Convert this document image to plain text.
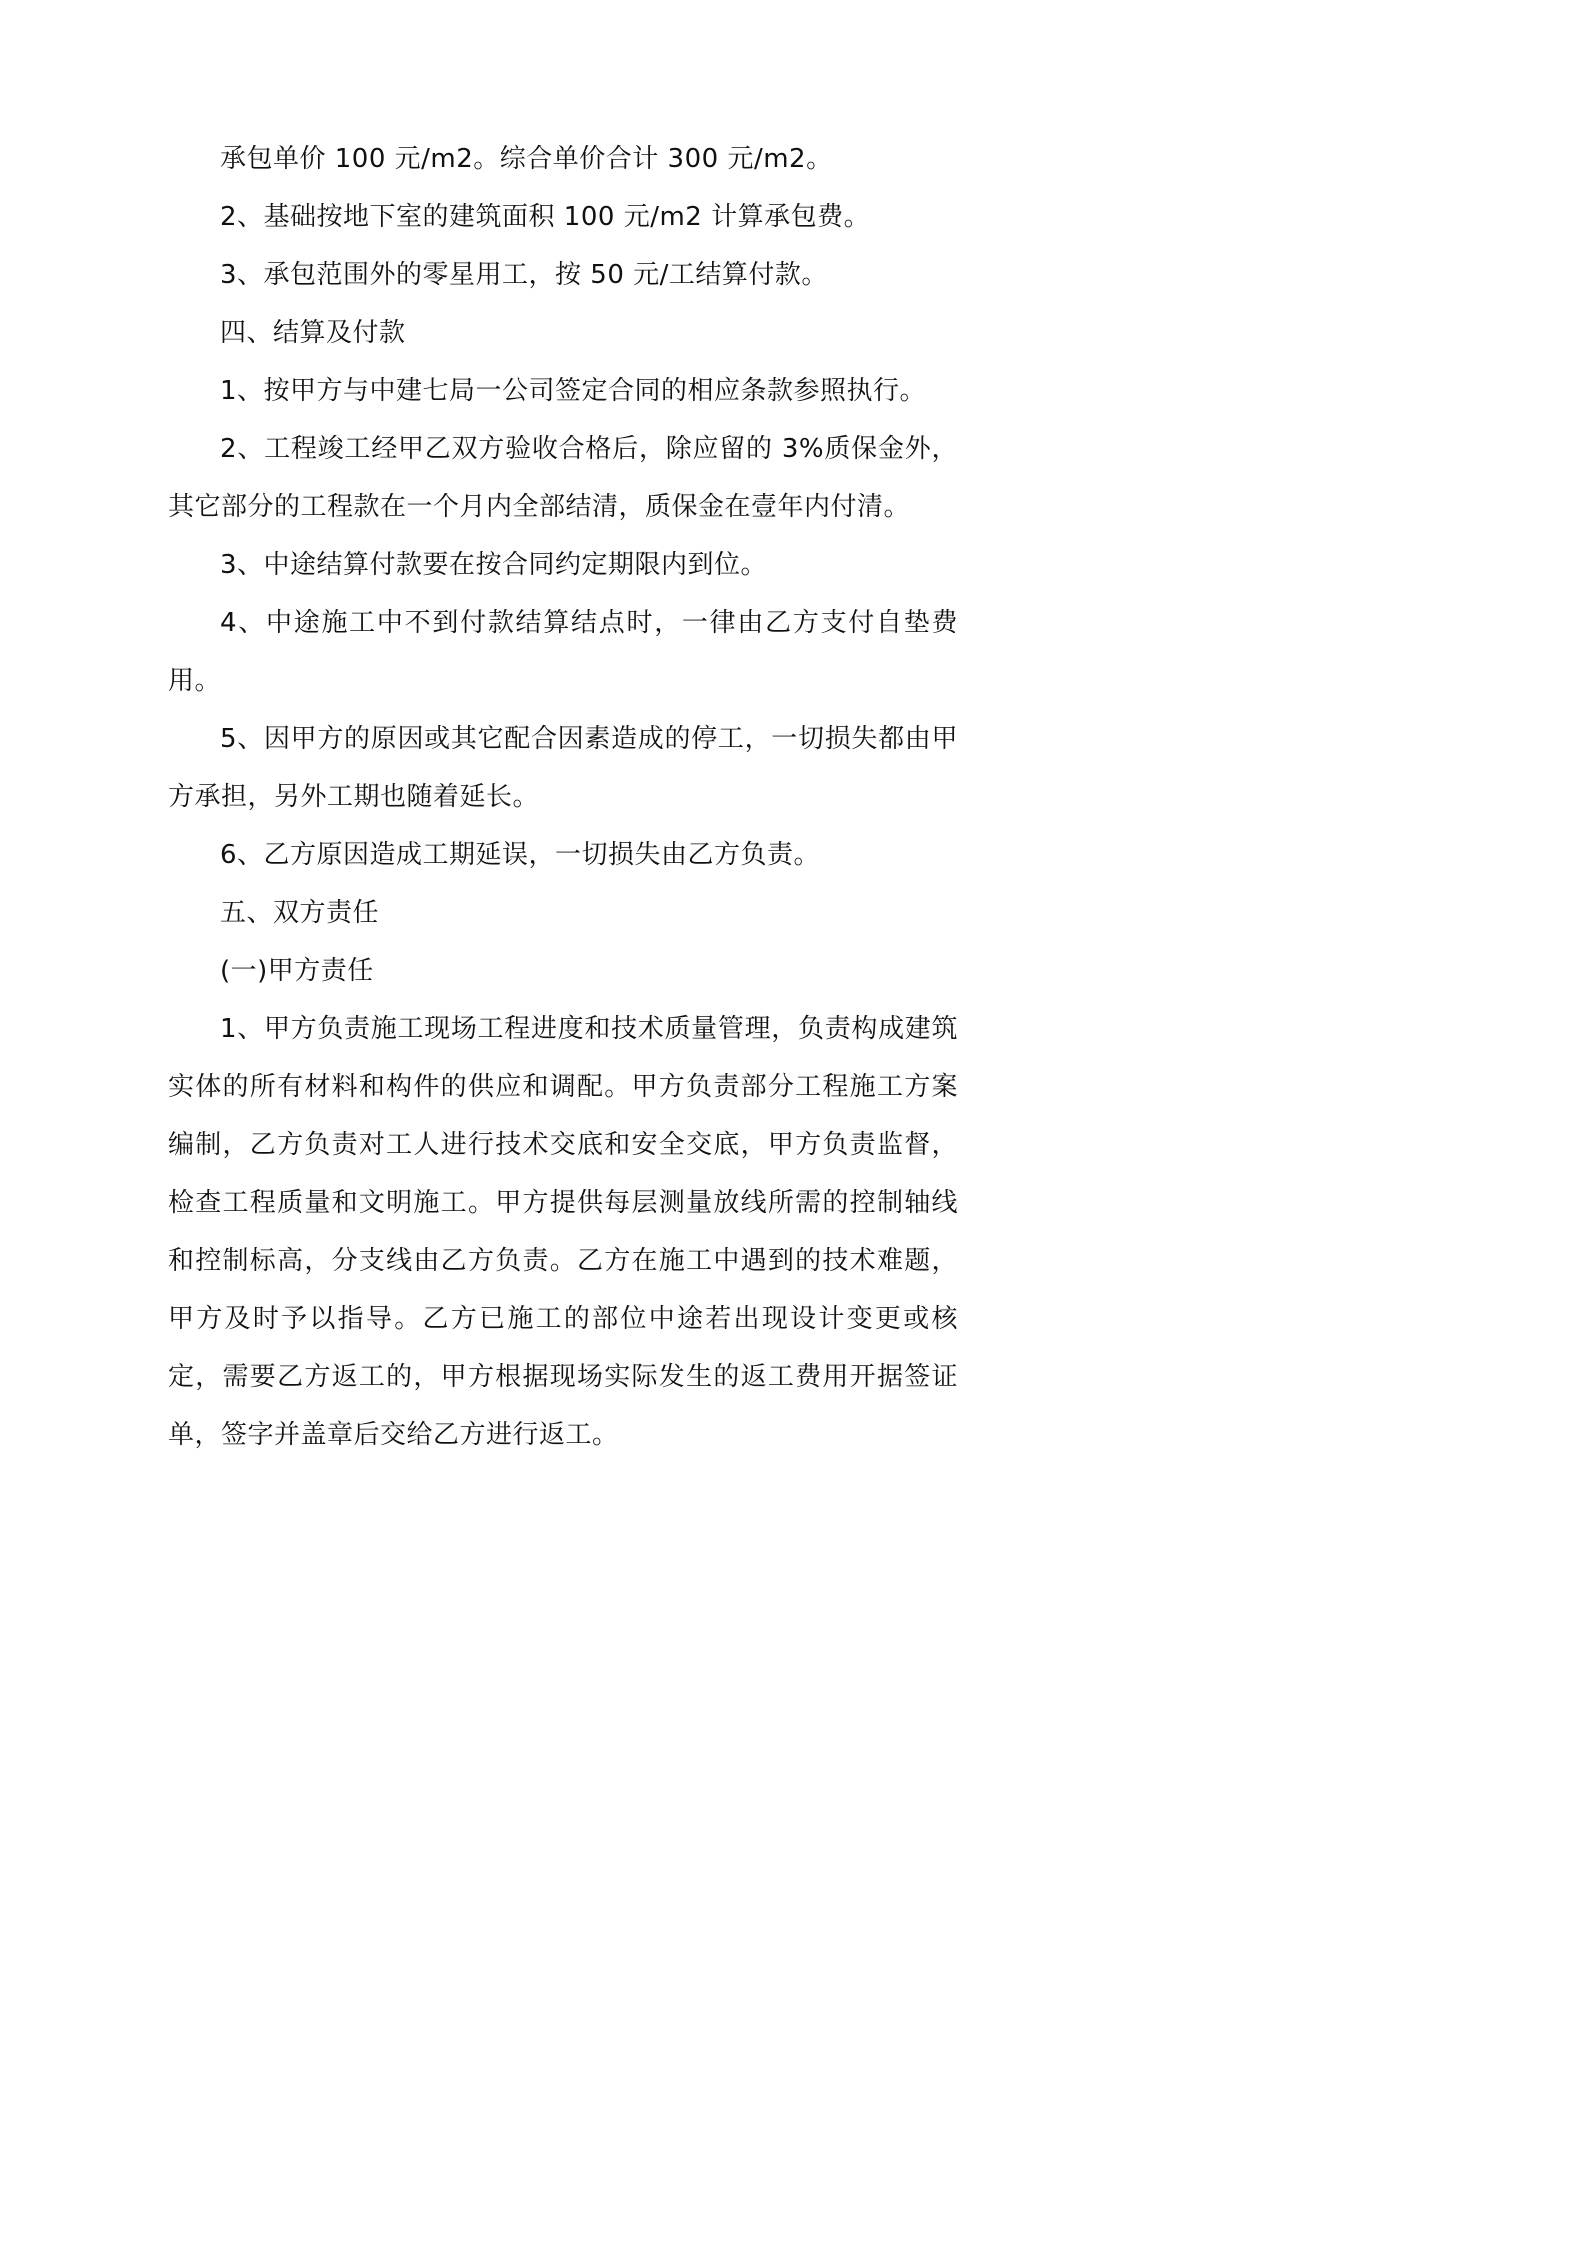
承包单价 100 元/m2。综合单价合计 300 元/m2。

2、基础按地下室的建筑面积 100 元/m2 计算承包费。

3、承包范围外的零星用工，按 50 元/工结算付款。

四、结算及付款

1、按甲方与中建七局一公司签定合同的相应条款参照执行。

2、工程竣工经甲乙双方验收合格后，除应留的 3%质保金外，其它部分的工程款在一个月内全部结清，质保金在壹年内付清。

3、中途结算付款要在按合同约定期限内到位。

4、中途施工中不到付款结算结点时，一律由乙方支付自垫费用。

5、因甲方的原因或其它配合因素造成的停工，一切损失都由甲方承担，另外工期也随着延长。

6、乙方原因造成工期延误，一切损失由乙方负责。

五、双方责任

(一)甲方责任

1、甲方负责施工现场工程进度和技术质量管理，负责构成建筑实体的所有材料和构件的供应和调配。甲方负责部分工程施工方案编制，乙方负责对工人进行技术交底和安全交底，甲方负责监督，检查工程质量和文明施工。甲方提供每层测量放线所需的控制轴线和控制标高，分支线由乙方负责。乙方在施工中遇到的技术难题，甲方及时予以指导。乙方已施工的部位中途若出现设计变更或核定，需要乙方返工的，甲方根据现场实际发生的返工费用开据签证单，签字并盖章后交给乙方进行返工。
